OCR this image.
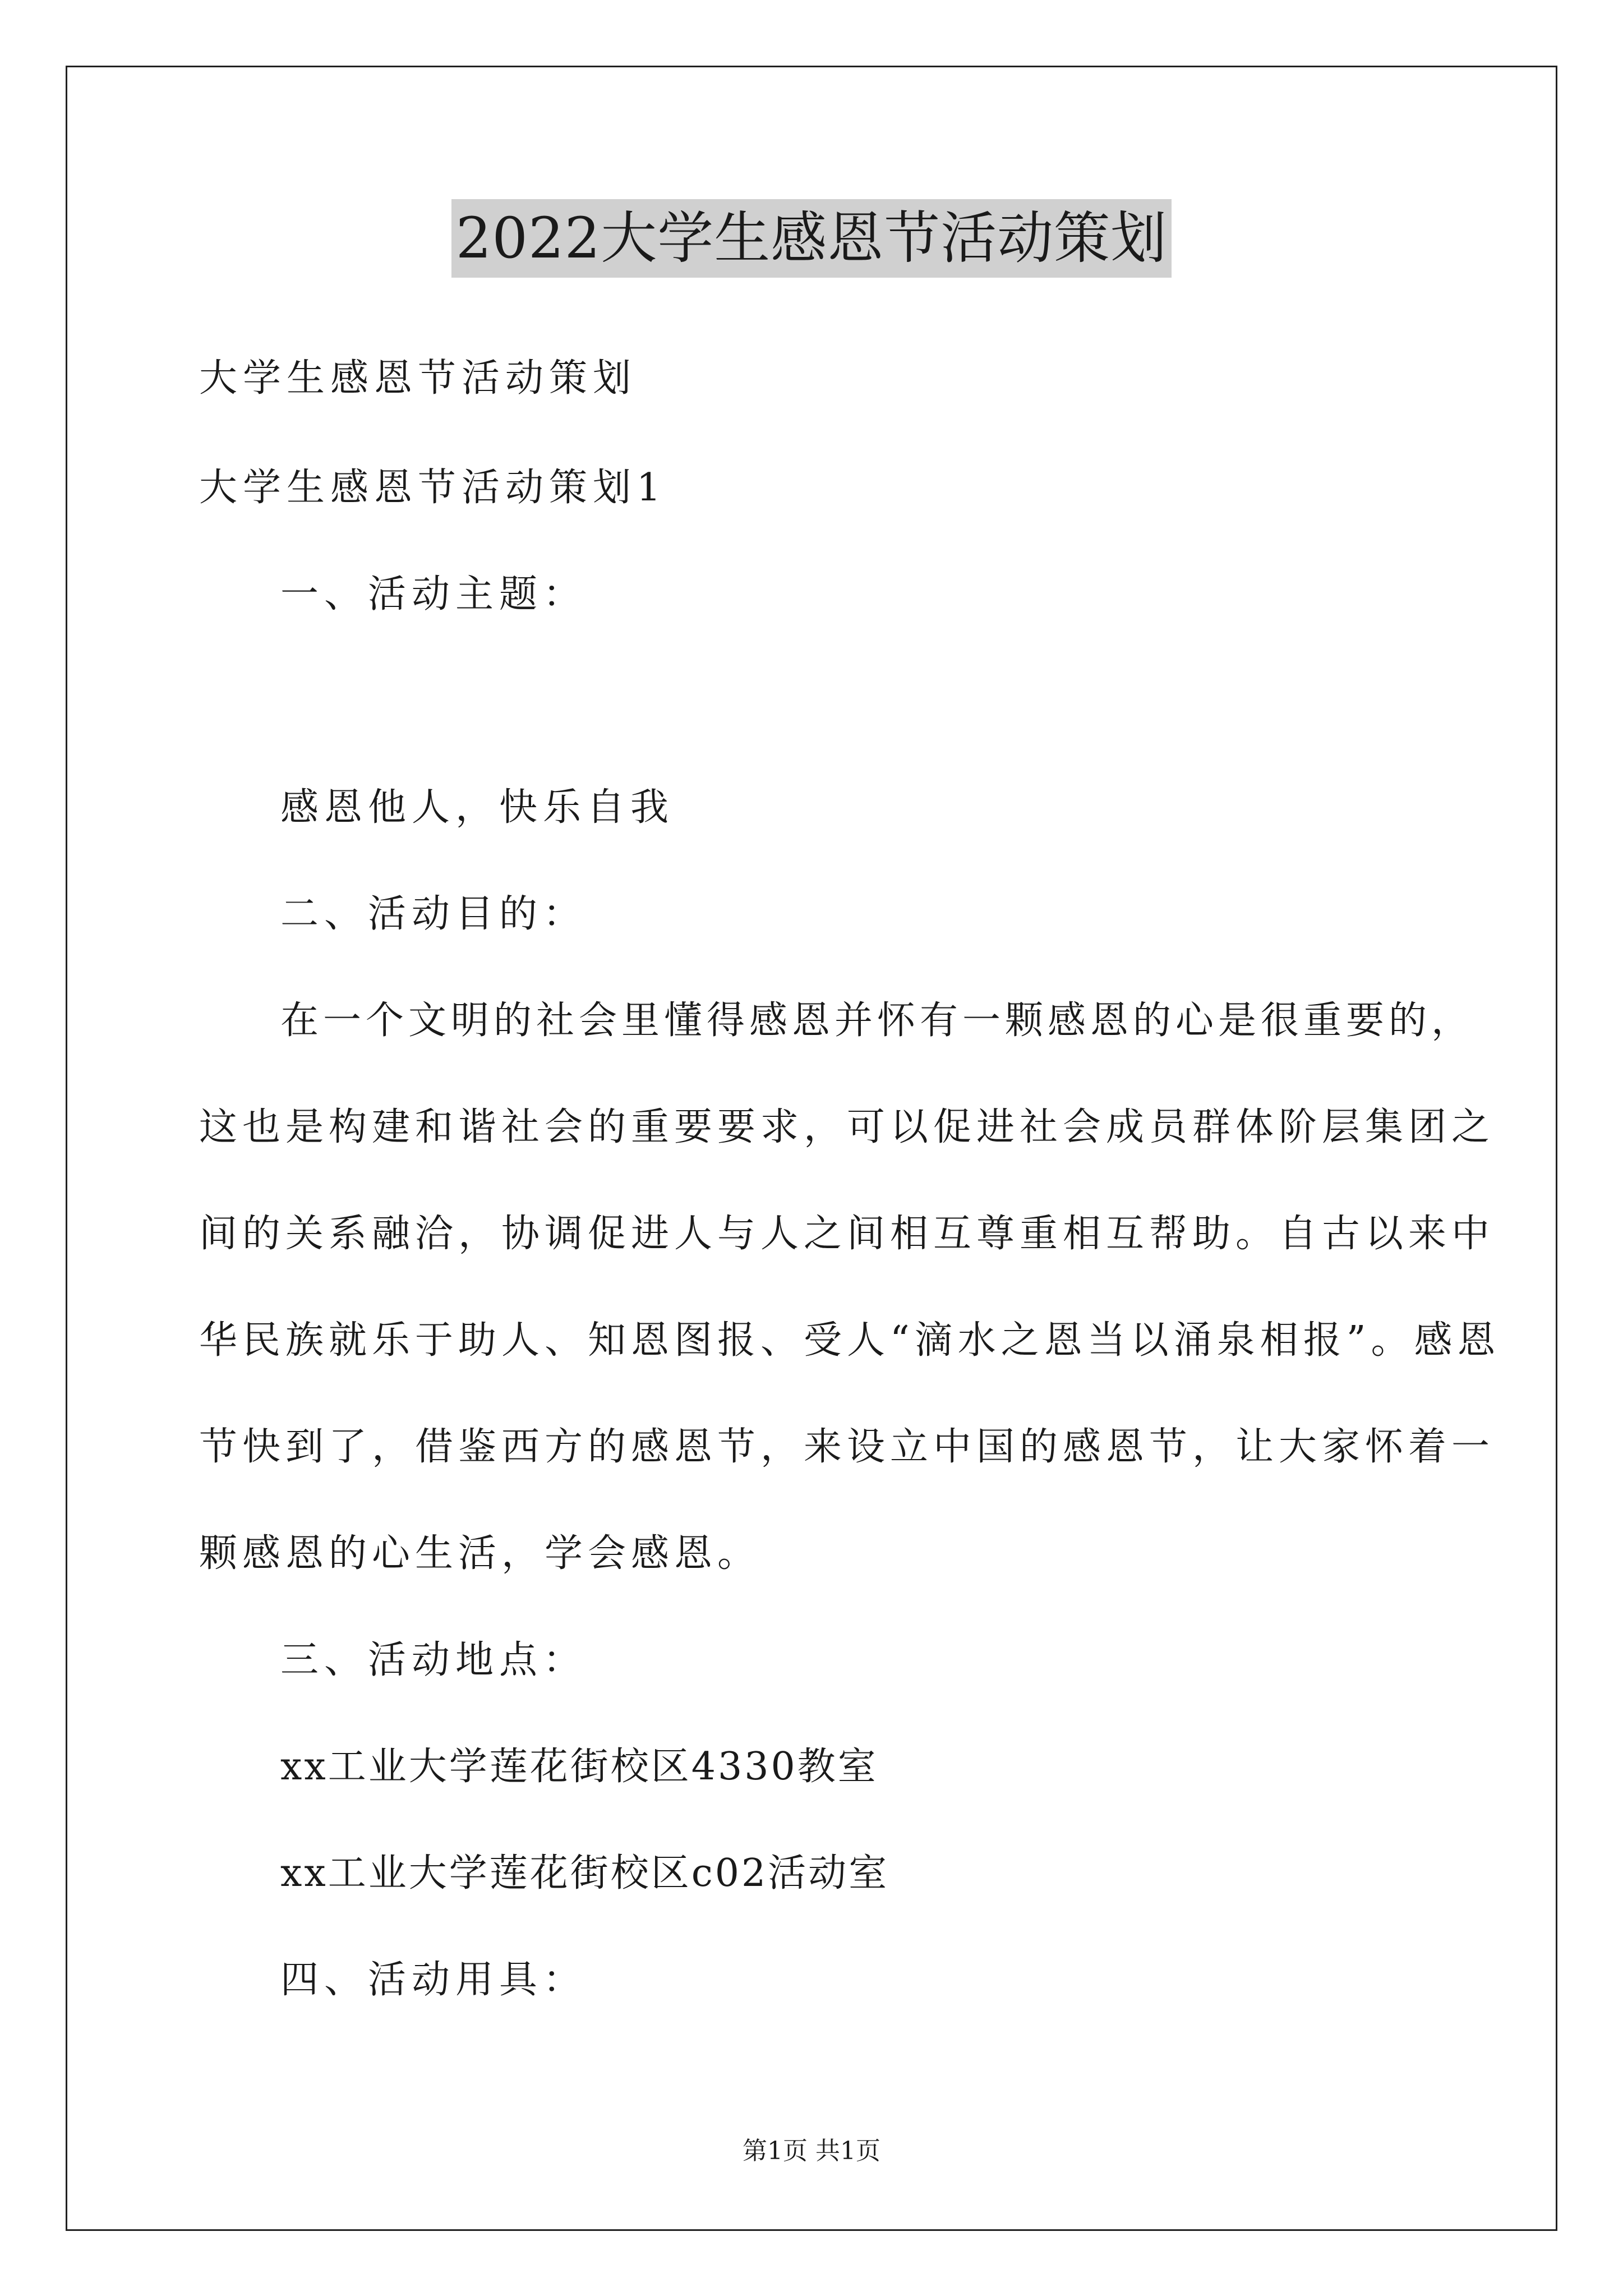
2022大学生感恩节活动策划
大学生感恩节活动策划
大学生感恩节活动策划1
一、活动主题：
感恩他人，快乐自我
二、活动目的：
在一个文明的社会里懂得感恩并怀有一颗感恩的心是很重要的，
这也是构建和谐社会的重要要求，可以促进社会成员群体阶层集团之
间的关系融洽，协调促进人与人之间相互尊重相互帮助。自古以来中
华民族就乐于助人、知恩图报、受人“滴水之恩当以涌泉相报”。感恩
节快到了，借鉴西方的感恩节，来设立中国的感恩节，让大家怀着一
颗感恩的心生活，学会感恩。
三、活动地点：
xx工业大学莲花街校区4330教室
xx工业大学莲花街校区c02活动室
四、活动用具：
第1页 共1页
